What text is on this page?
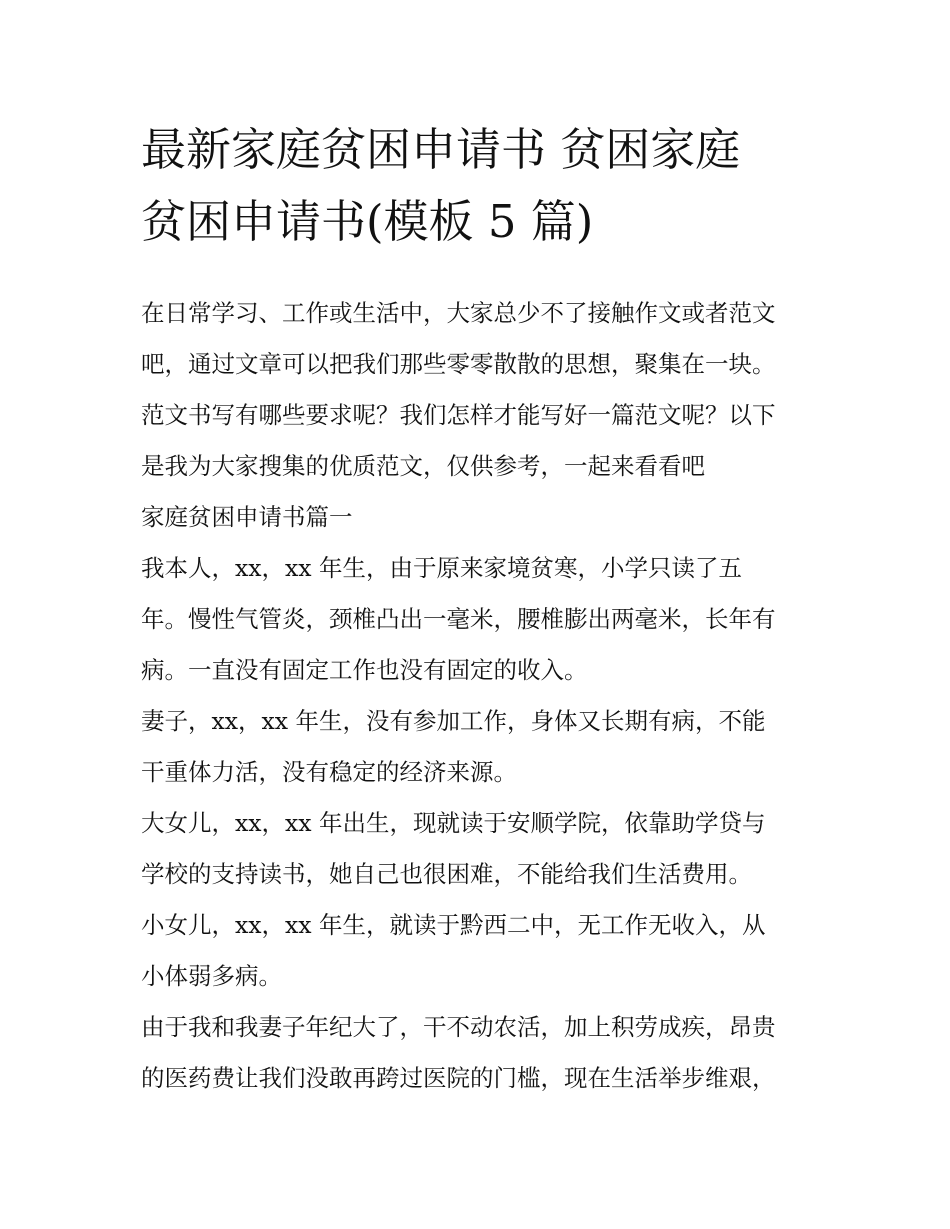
最新家庭贫困申请书 贫困家庭
贫困申请书(模板 5 篇)
在日常学习、工作或生活中，大家总少不了接触作文或者范文
吧，通过文章可以把我们那些零零散散的思想，聚集在一块。
范文书写有哪些要求呢？我们怎样才能写好一篇范文呢？以下
是我为大家搜集的优质范文，仅供参考，一起来看看吧
家庭贫困申请书篇一
我本人，xx，xx 年生，由于原来家境贫寒，小学只读了五
年。慢性气管炎，颈椎凸出一毫米，腰椎膨出两毫米，长年有
病。一直没有固定工作也没有固定的收入。
妻子，xx，xx 年生，没有参加工作，身体又长期有病，不能
干重体力活，没有稳定的经济来源。
大女儿，xx，xx 年出生，现就读于安顺学院，依靠助学贷与
学校的支持读书，她自己也很困难，不能给我们生活费用。
小女儿，xx，xx 年生，就读于黔西二中，无工作无收入，从
小体弱多病。
由于我和我妻子年纪大了，干不动农活，加上积劳成疾，昂贵
的医药费让我们没敢再跨过医院的门槛，现在生活举步维艰，
